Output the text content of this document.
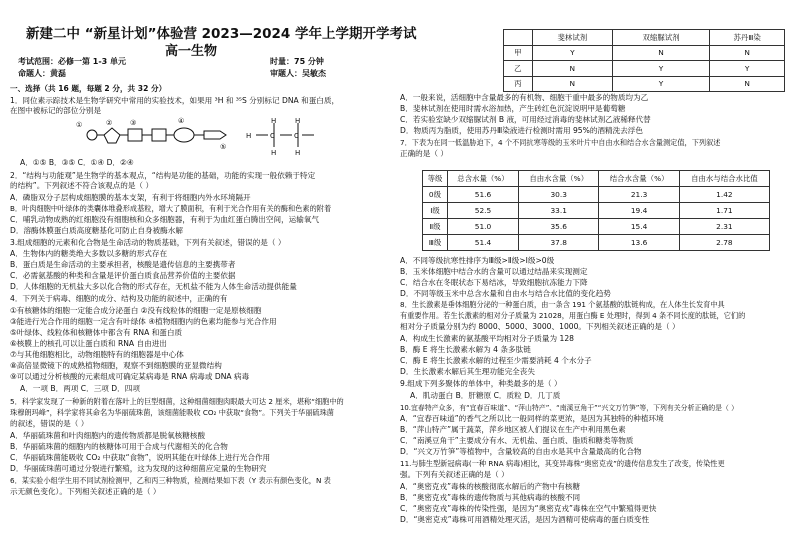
新建二中 “新星计划”体验营 2023—2024 学年上学期开学考试
考试范围：必修一第 1-3 单元	时量：75 分钟
命题人：黄磊	审题人：吴敏杰
一、选择（共 16 题，每题 2 分，共 32 分）
1．同位素示踪技术是生物学研究中常用的实验技术，如果用 ³H 和 ³⁵S 分别标记 DNA 和蛋白质，
在图中被标记的部位分别是
①	②	③	④
⑤
H	C	C
H	H
H	H
A．①⑤ B．③⑤ C．①④ D．②④
2．“结构与功能观”是生物学的基本观点，“结构是功能的基础，功能的实现一般依赖于特定
的结构”。下列叙述不符合该观点的是（ ）
A．磷脂双分子层构成细胞膜的基本支架，有利于将细胞内外水环境隔开
B．叶肉细胞中叶绿体的类囊体堆叠形成基粒，增大了膜面积，有利于光合作用有关的酶和色素的附着
C．哺乳动物成熟的红细胞没有细胞核和众多细胞器，有利于为血红蛋白腾出空间，运输氧气
D．溶酶体膜蛋白质高度糖基化可防止自身被酶水解
3.组成细胞的元素和化合物是生命活动的物质基础，下列有关叙述，错误的是（ ）
A．生物体内的糖类绝大多数以多糖的形式存在
B．蛋白质是生命活动的主要承担者，核酸是遗传信息的主要携带者
C．必需氨基酸的种类和含量是评价蛋白质食品营养价值的主要依据
D．人体细胞的无机盐大多以化合物的形式存在，无机盐不能为人体生命活动提供能量
4．下列关于病毒、细胞的成分、结构及功能的叙述中，正确的有
①有核糖体的细胞一定能合成分泌蛋白 ②没有线粒体的细胞一定是原核细胞
③能进行光合作用的细胞一定含有叶绿体 ④植物细胞内的色素均能参与光合作用
⑤叶绿体、线粒体和核糖体中都含有 RNA 和蛋白质
⑥核膜上的核孔可以让蛋白质和 RNA 自由进出
⑦与其他细胞相比，动物细胞特有的细胞器是中心体
⑧高倍显微镜下的成熟植物细胞，观察不到细胞膜的亚显微结构
⑨可以通过分析核酸的元素组成可确定某病毒是 RNA 病毒或 DNA 病毒
A．一项 B．两项 C．三项 D．四项
5．科学家发现了一种新的附着在落叶上的巨型细菌，这种细菌细胞肉眼最大可达 2 厘米，堪称“细胞中的
珠穆朗玛峰”，科学家将其命名为华丽硫珠菌，该细菌能吸收 CO₂ 中获取“食物”。下列关于华丽硫珠菌
的叙述，错误的是（ ）
A．华丽硫珠菌和叶肉细胞内的遗传物质都是脱氧核糖核酸
B．华丽硫珠菌的细胞内的核糖体可用于合成与代谢相关的化合物
C．华丽硫珠菌能吸收 CO₂ 中获取“食物”，说明其能在叶绿体上进行光合作用
D．华丽硫珠菌可通过分裂进行繁殖，这为发现的这种细菌应定量的生物研究
6．某实验小组学生用不同试剂检测甲，乙和丙三种物质，检测结果如下表（Y 表示有颜色变化，N 表
示无颜色变化）。下列相关叙述正确的是（ ）
高一生物
	斐林试剂	双缩脲试剂	苏丹Ⅲ染
甲	Y	N	N
乙	N	Y	Y
丙	N	Y	N
A．一般来说，活细胞中含量最多的有机物、细胞干重中最多的物质均为乙
B．斐林试剂在使用时需水浴加热，产生砖红色沉淀说明甲是葡萄糖
C．若实验室缺少双缩脲试剂 B 液，可用经过消毒的斐林试剂乙液稀释代替
D．物质丙为脂质，使用苏丹Ⅲ染液进行检测时需用 95%的酒精洗去浮色
7．下表为在同一低温胁迫下，4 个不同抗寒等级的玉米叶片中自由水和结合水含量测定值，下列叙述
正确的是（ ）
等级	总含水量（%）	自由水含量（%）	结合水含量（%）	自由水与结合水比值
0级	51.6	30.3	21.3	1.42
Ⅰ级	52.5	33.1	19.4	1.71
Ⅱ级	51.0	35.6	15.4	2.31
Ⅲ级	51.4	37.8	13.6	2.78
A．不同等级抗寒性排序为Ⅲ级>Ⅱ级>Ⅰ级>0级
B．玉米体细胞中结合水的含量可以通过结晶来实现测定
C．结合水在冬眠状态下易结冰，导致细胞抗冻能力下降
D．不同等级玉米中总含水量和自由水与结合水比值的变化趋势
8．生长激素是垂体细胞分泌的一种蛋白质，由一条含 191 个氨基酸的肽链构成，在人体生长发育中具
有重要作用。若生长激素的相对分子质量为 21028，用蛋白酶 E 处理时，得到 4 条不同长度的肽链，它们的
相对分子质量分别为约 8000、5000、3000、1000。下列相关叙述正确的是（ ）
A．构成生长激素的氨基酸平均相对分子质量为 128
B．酶 E 将生长激素水解为 4 条多肽链
C．酶 E 将生长激素水解的过程至少需要消耗 4 个水分子
D．生长激素水解后其生理功能完全丧失
9.组成下列多聚体的单体中，种类最多的是（ ）
A．肌动蛋白 B．肝糖原 C．质粒 D．几丁质
10.宜春特产众多，有“宜春百味道”、“萍山特产”、“南溪豆角干”“兴文万竹笋”等，下列有关分析正确的是（ ）
A．“宜春百味道”的香气之所以比一般同样的菜更浓，是因为其独特的种植环境
B．“萍山特产”属于蔬菜，萍乡地区被人们提议在生产中利用黑色素
C．“南溪豆角干”主要成分有水、无机盐、蛋白质、脂质和糖类等物质
D．“兴文万竹笋”等植物中，含量较高的自由水是其中含量最高的化合物
11.与肺生型新冠病毒(一种 RNA 病毒)相比，其变异毒株“奥密克戎”的遗传信息发生了改变，传染性更
强。下列有关叙述正确的是（ ）
A．“奥密克戎”毒株的核酸彻底水解后的产物中有核糖
B．“奥密克戎”毒株的遗传物质与其他病毒的核酸不同
C．“奥密克戎”毒株的传染性强，是因为“奥密克戎”毒株在空气中繁殖得更快
D．“奥密克戎”毒株可用酒精处理灭活，是因为酒精可使病毒的蛋白质变性
